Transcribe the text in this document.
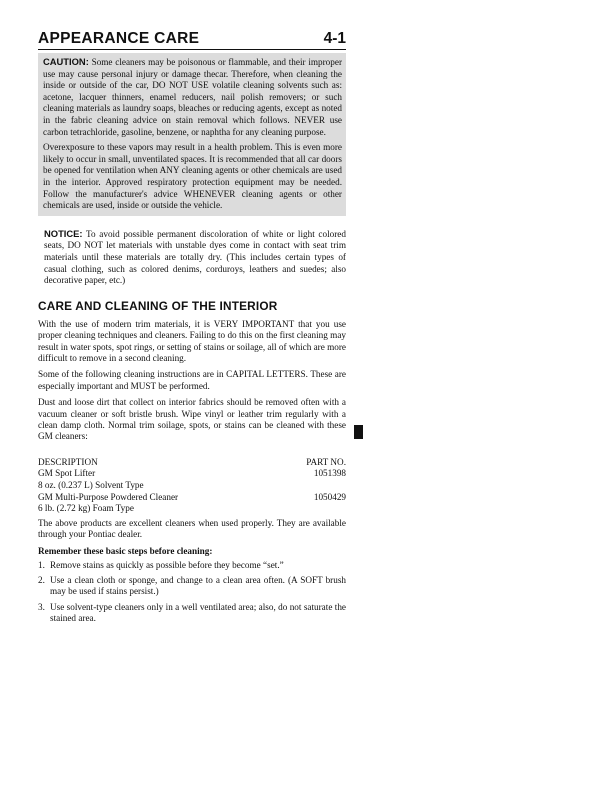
APPEARANCE CARE	4-1

CAUTION: Some cleaners may be poisonous or flammable, and their improper use may cause personal injury or damage thecar. Therefore, when cleaning the inside or outside of the car, DO NOT USE volatile cleaning solvents such as: acetone, lacquer thinners, enamel reducers, nail polish removers; or such cleaning materials as laundry soaps, bleaches or reducing agents, except as noted in the fabric cleaning advice on stain removal which follows. NEVER use carbon tetrachloride, gasoline, benzene, or naphtha for any cleaning purpose.

Overexposure to these vapors may result in a health problem. This is even more likely to occur in small, unventilated spaces. It is recommended that all car doors be opened for ventilation when ANY cleaning agents or other chemicals are used in the interior. Approved respiratory protection equipment may be needed. Follow the manufacturer's advice WHENEVER cleaning agents or other chemicals are used, inside or outside the vehicle.

NOTICE: To avoid possible permanent discoloration of white or light colored seats, DO NOT let materials with unstable dyes come in contact with seat trim materials until these materials are totally dry. (This includes certain types of casual clothing, such as colored denims, corduroys, leathers and suedes; also decorative paper, etc.)

CARE AND CLEANING OF THE INTERIOR

With the use of modern trim materials, it is VERY IMPORTANT that you use proper cleaning techniques and cleaners. Failing to do this on the first cleaning may result in water spots, spot rings, or setting of stains or soilage, all of which are more difficult to remove in a second cleaning.

Some of the following cleaning instructions are in CAPITAL LETTERS. These are especially important and MUST be performed.

Dust and loose dirt that collect on interior fabrics should be removed often with a vacuum cleaner or soft bristle brush. Wipe vinyl or leather trim regularly with a clean damp cloth. Normal trim soilage, spots, or stains can be cleaned with these GM cleaners:

DESCRIPTION	PART NO.
GM Spot Lifter	1051398
8 oz. (0.237 L) Solvent Type
GM Multi-Purpose Powdered Cleaner	1050429
6 lb. (2.72 kg) Foam Type

The above products are excellent cleaners when used properly. They are available through your Pontiac dealer.

Remember these basic steps before cleaning:
1. Remove stains as quickly as possible before they become “set.”
2. Use a clean cloth or sponge, and change to a clean area often. (A SOFT brush may be used if stains persist.)
3. Use solvent-type cleaners only in a well ventilated area; also, do not saturate the stained area.
